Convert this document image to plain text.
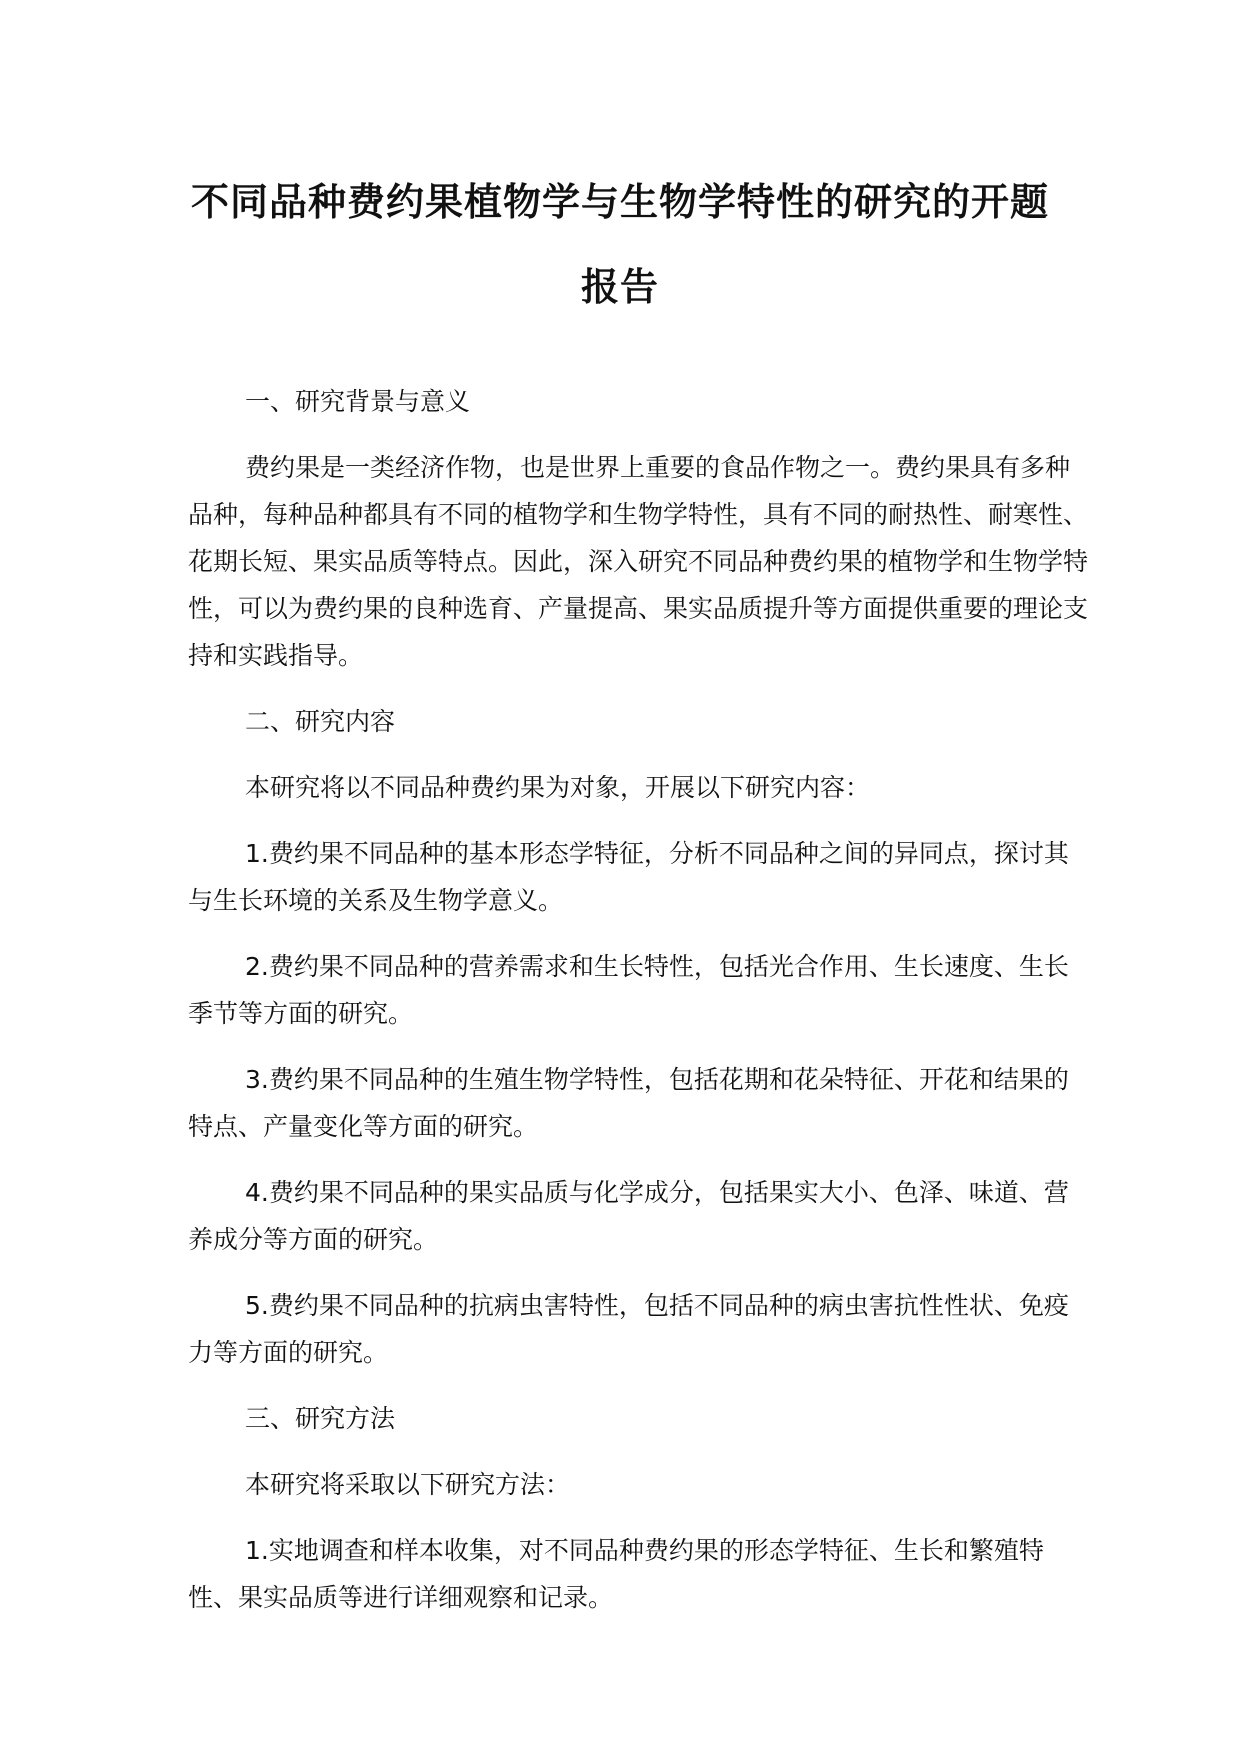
不同品种费约果植物学与生物学特性的研究的开题
报告

一、研究背景与意义

费约果是一类经济作物，也是世界上重要的食品作物之一。费约果具有多种品种，每种品种都具有不同的植物学和生物学特性，具有不同的耐热性、耐寒性、花期长短、果实品质等特点。因此，深入研究不同品种费约果的植物学和生物学特性，可以为费约果的良种选育、产量提高、果实品质提升等方面提供重要的理论支持和实践指导。

二、研究内容

本研究将以不同品种费约果为对象，开展以下研究内容：

1.费约果不同品种的基本形态学特征，分析不同品种之间的异同点，探讨其与生长环境的关系及生物学意义。

2.费约果不同品种的营养需求和生长特性，包括光合作用、生长速度、生长季节等方面的研究。

3.费约果不同品种的生殖生物学特性，包括花期和花朵特征、开花和结果的特点、产量变化等方面的研究。

4.费约果不同品种的果实品质与化学成分，包括果实大小、色泽、味道、营养成分等方面的研究。

5.费约果不同品种的抗病虫害特性，包括不同品种的病虫害抗性性状、免疫力等方面的研究。

三、研究方法

本研究将采取以下研究方法：

1.实地调查和样本收集，对不同品种费约果的形态学特征、生长和繁殖特性、果实品质等进行详细观察和记录。
